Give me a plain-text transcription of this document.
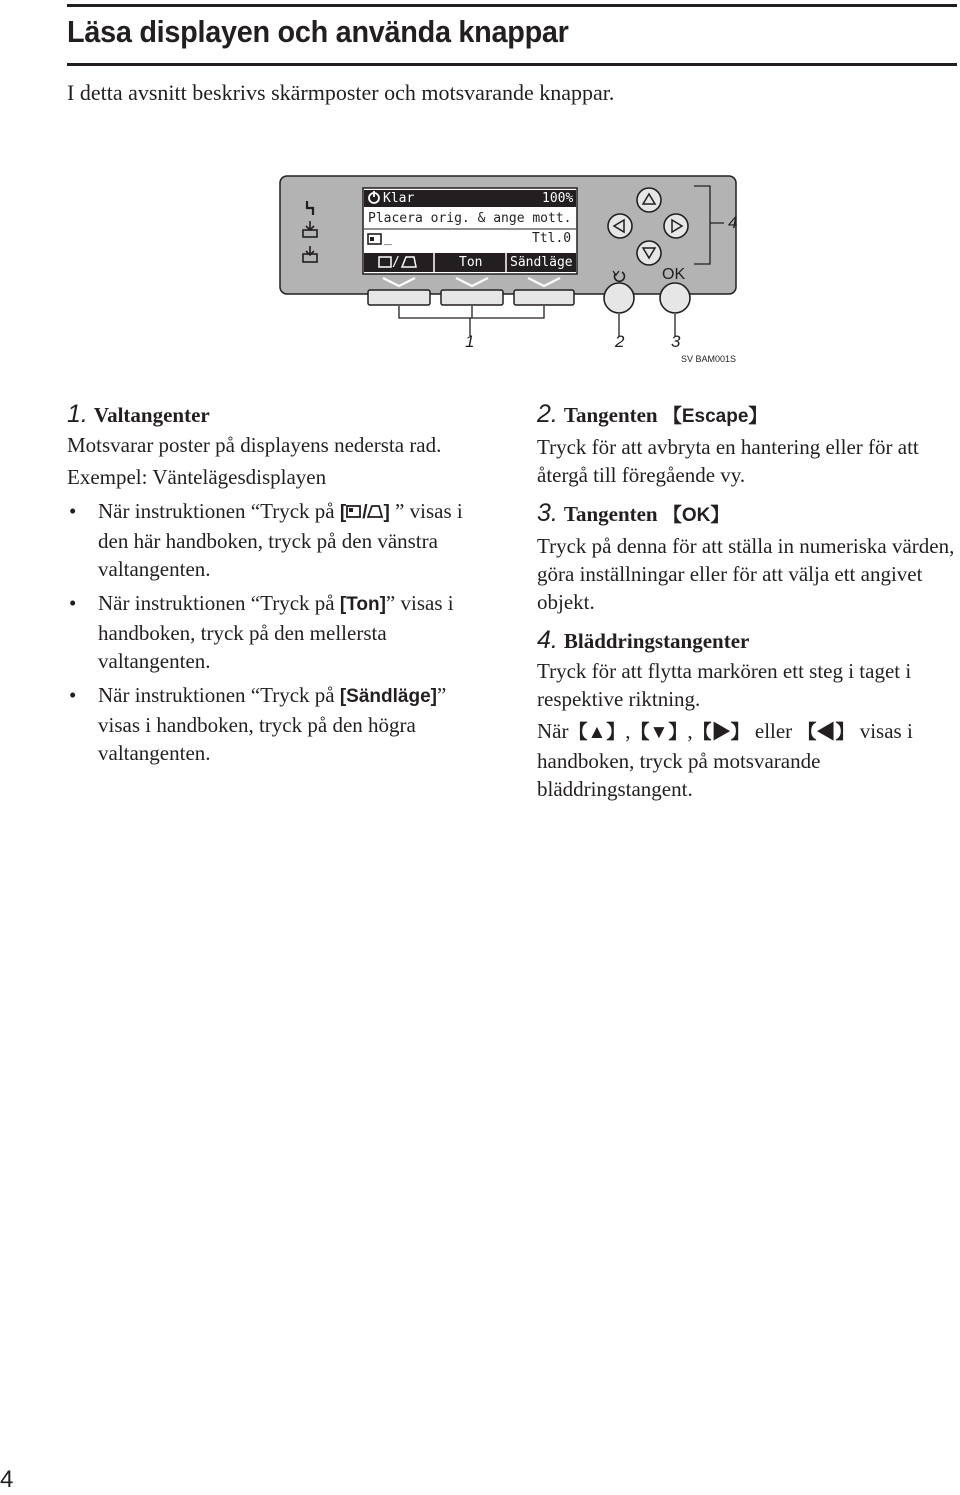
Läsa displayen och använda knappar
I detta avsnitt beskrivs skärmposter och motsvarande knappar.
Klar	100%
Placera orig. & ange mott.
_	Ttl.0
/	Ton Sändläge
OK
1	2	3
4
SV BAM001S
1. Valtangenter

Motsvarar poster på displayens nedersta rad.

Exempel: Väntelägesdisplayen

• När instruktionen “Tryck på [ / ] ” visas i den här handboken, tryck på den vänstra valtangenten.
• När instruktionen “Tryck på [Ton]” visas i handboken, tryck på den mellersta valtangenten.
• När instruktionen “Tryck på [Sändläge]” visas i handboken, tryck på den högra valtangenten.
2. Tangenten 【Escape】

Tryck för att avbryta en hantering eller för att återgå till föregående vy.

3. Tangenten 【OK】

Tryck på denna för att ställa in numeriska värden, göra inställningar eller för att välja ett angivet objekt.

4. Bläddringstangenter

Tryck för att flytta markören ett steg i taget i respektive riktning.

När【▲】,【▼】,【▶】 eller 【◀】 visas i handboken, tryck på motsvarande bläddringstangent.

4
